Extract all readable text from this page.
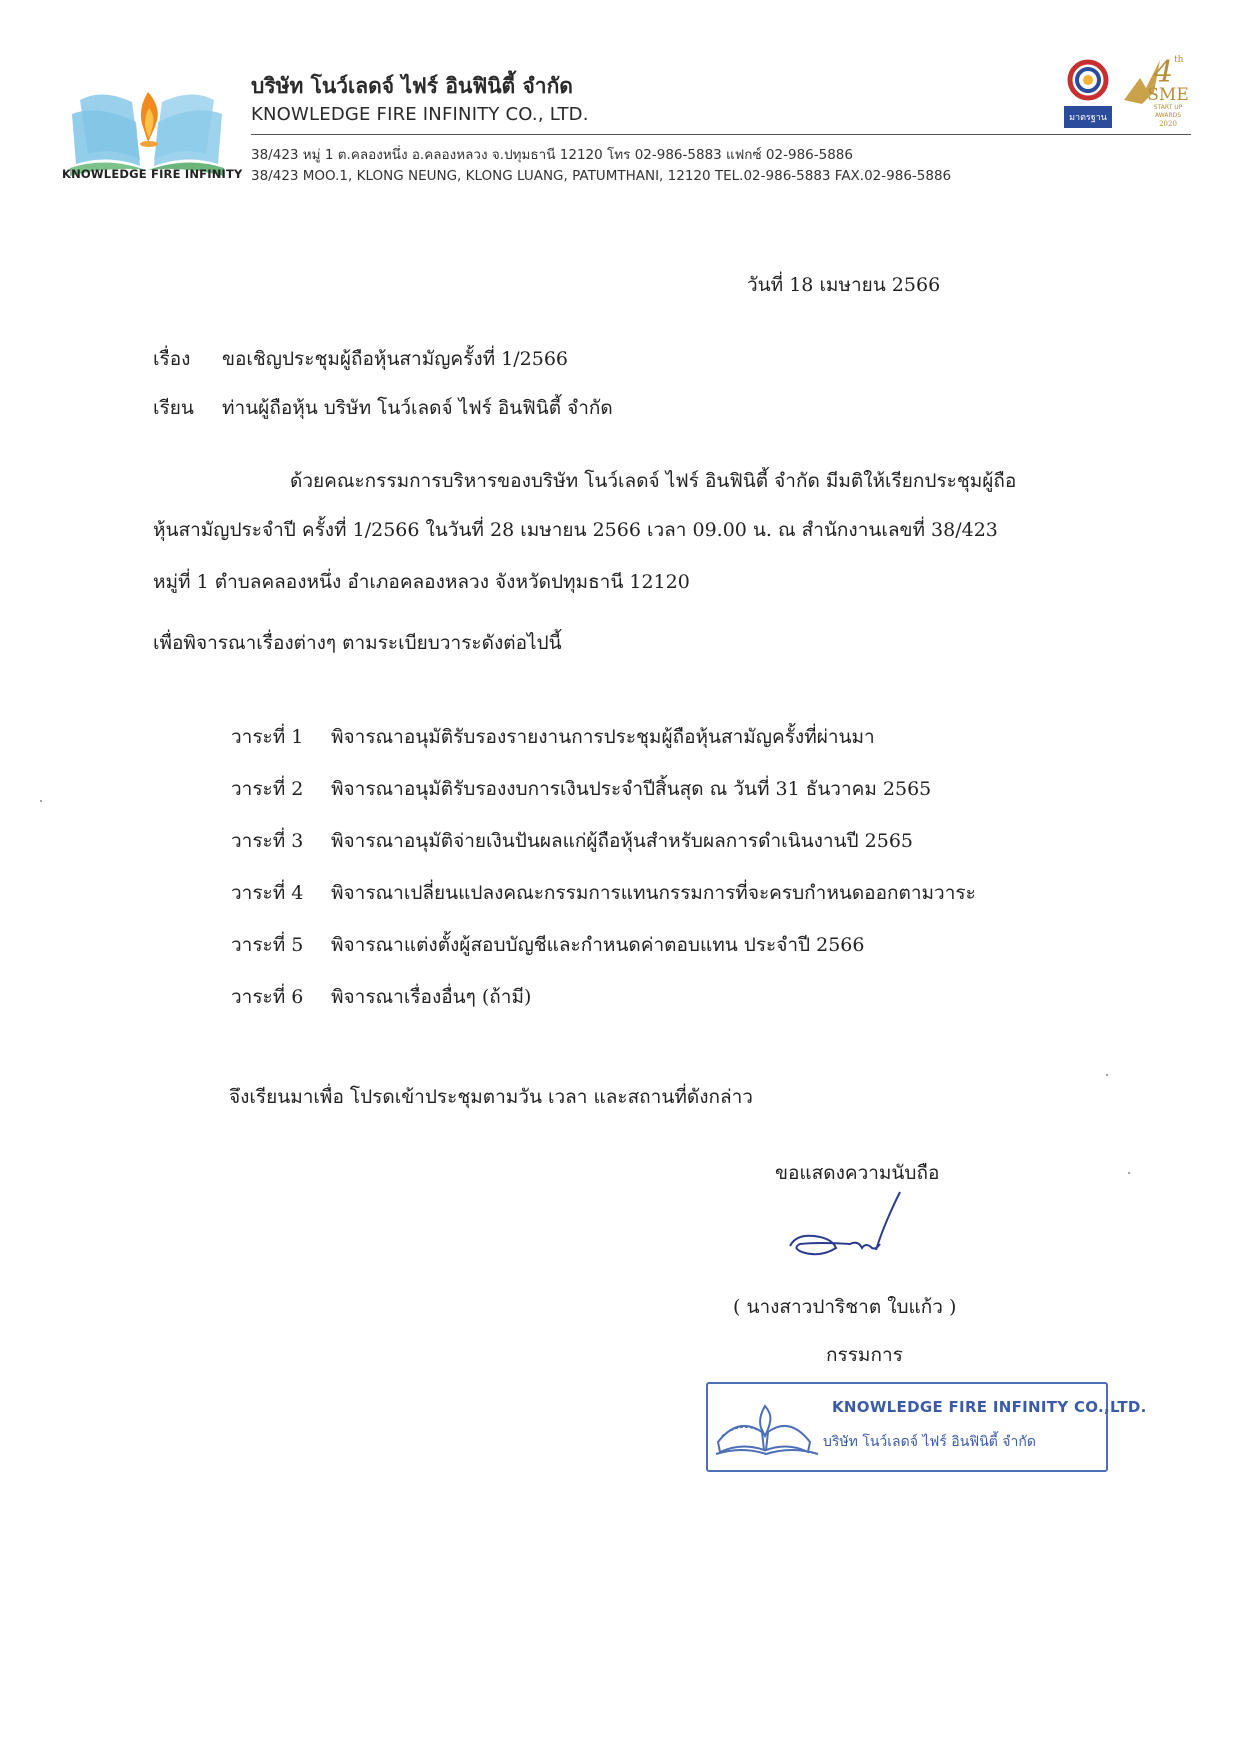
KNOWLEDGE FIRE INFINITY
บริษัท โนว์เลดจ์ ไฟร์ อินฟินิตี้ จำกัด
KNOWLEDGE FIRE INFINITY CO., LTD.
38/423 หมู่ 1 ต.คลองหนึ่ง อ.คลองหลวง จ.ปทุมธานี 12120 โทร 02-986-5883 แฟกซ์ 02-986-5886
38/423 MOO.1, KLONG NEUNG, KLONG LUANG, PATUMTHANI, 12120 TEL.02-986-5883 FAX.02-986-5886
มาตรฐาน
4 th
SME
START UP
AWARDS
2020
วันที่ 18 เมษายน 2566
เรื่อง ขอเชิญประชุมผู้ถือหุ้นสามัญครั้งที่ 1/2566
เรียน ท่านผู้ถือหุ้น บริษัท โนว์เลดจ์ ไฟร์ อินฟินิตี้ จำกัด
ด้วยคณะกรรมการบริหารของบริษัท โนว์เลดจ์ ไฟร์ อินฟินิตี้ จำกัด มีมติให้เรียกประชุมผู้ถือ
หุ้นสามัญประจำปี ครั้งที่ 1/2566 ในวันที่ 28 เมษายน 2566 เวลา 09.00 น. ณ สำนักงานเลขที่ 38/423
หมู่ที่ 1 ตำบลคลองหนึ่ง อำเภอคลองหลวง จังหวัดปทุมธานี 12120
เพื่อพิจารณาเรื่องต่างๆ ตามระเบียบวาระดังต่อไปนี้
วาระที่ 1 พิจารณาอนุมัติรับรองรายงานการประชุมผู้ถือหุ้นสามัญครั้งที่ผ่านมา
วาระที่ 2 พิจารณาอนุมัติรับรองงบการเงินประจำปีสิ้นสุด ณ วันที่ 31 ธันวาคม 2565
วาระที่ 3 พิจารณาอนุมัติจ่ายเงินปันผลแก่ผู้ถือหุ้นสำหรับผลการดำเนินงานปี 2565
วาระที่ 4 พิจารณาเปลี่ยนแปลงคณะกรรมการแทนกรรมการที่จะครบกำหนดออกตามวาระ
วาระที่ 5 พิจารณาแต่งตั้งผู้สอบบัญชีและกำหนดค่าตอบแทน ประจำปี 2566
วาระที่ 6 พิจารณาเรื่องอื่นๆ (ถ้ามี)
จึงเรียนมาเพื่อ โปรดเข้าประชุมตามวัน เวลา และสถานที่ดังกล่าว
ขอแสดงความนับถือ
( นางสาวปาริชาต ใบแก้ว )
กรรมการ
KNOWLEDGE FIRE INFINITY CO.,LTD.
บริษัท โนว์เลดจ์ ไฟร์ อินฟินิตี้ จำกัด
